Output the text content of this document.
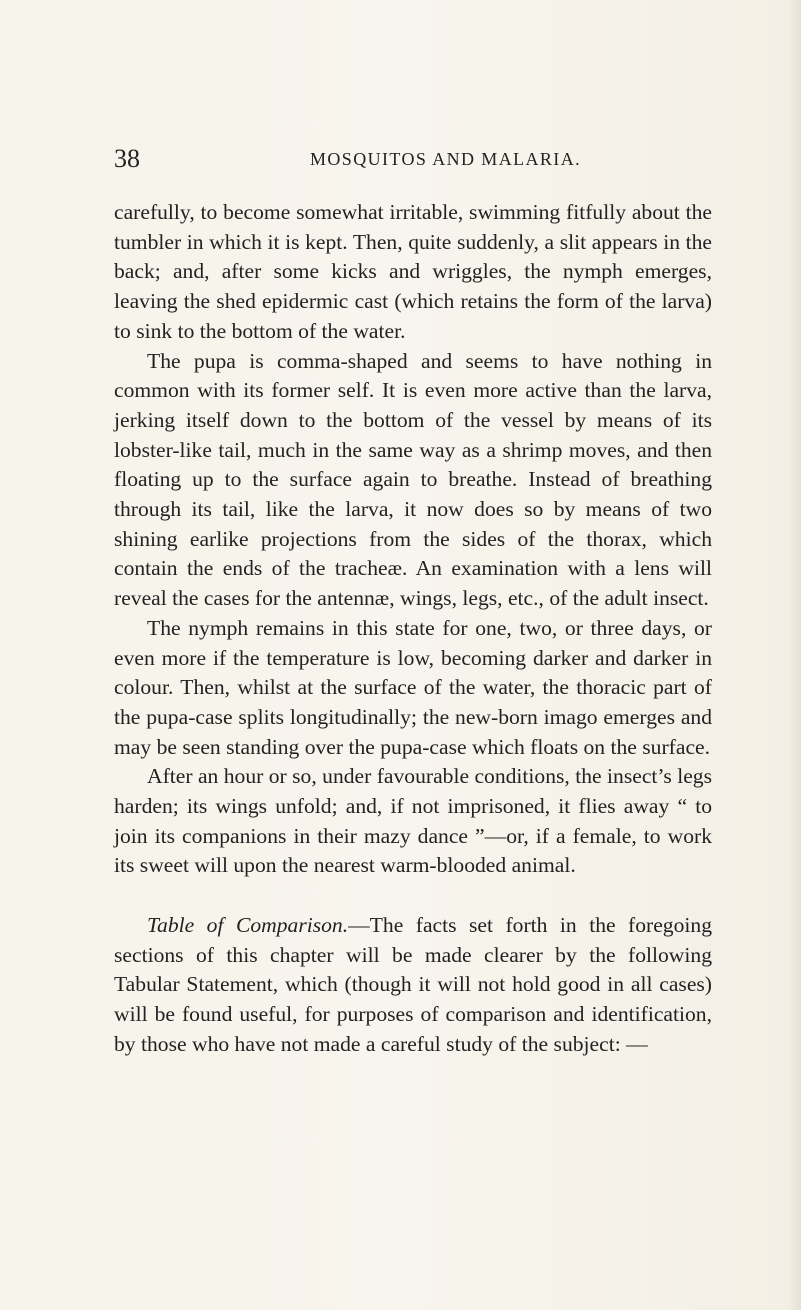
38	MOSQUITOS AND MALARIA.

carefully, to become somewhat irritable, swimming fitfully about the tumbler in which it is kept. Then, quite suddenly, a slit appears in the back; and, after some kicks and wriggles, the nymph emerges, leaving the shed epidermic cast (which retains the form of the larva) to sink to the bottom of the water.

The pupa is comma-shaped and seems to have nothing in common with its former self. It is even more active than the larva, jerking itself down to the bottom of the vessel by means of its lobster-like tail, much in the same way as a shrimp moves, and then floating up to the surface again to breathe. Instead of breathing through its tail, like the larva, it now does so by means of two shining earlike projections from the sides of the thorax, which contain the ends of the tracheæ. An examination with a lens will reveal the cases for the antennæ, wings, legs, etc., of the adult insect.

The nymph remains in this state for one, two, or three days, or even more if the temperature is low, becoming darker and darker in colour. Then, whilst at the surface of the water, the thoracic part of the pupa-case splits longitudinally; the new-born imago emerges and may be seen standing over the pupa-case which floats on the surface.

After an hour or so, under favourable conditions, the insect’s legs harden; its wings unfold; and, if not imprisoned, it flies away “ to join its companions in their mazy dance ”—or, if a female, to work its sweet will upon the nearest warm-blooded animal.

Table of Comparison.—The facts set forth in the foregoing sections of this chapter will be made clearer by the following Tabular Statement, which (though it will not hold good in all cases) will be found useful, for purposes of comparison and identification, by those who have not made a careful study of the subject: —
